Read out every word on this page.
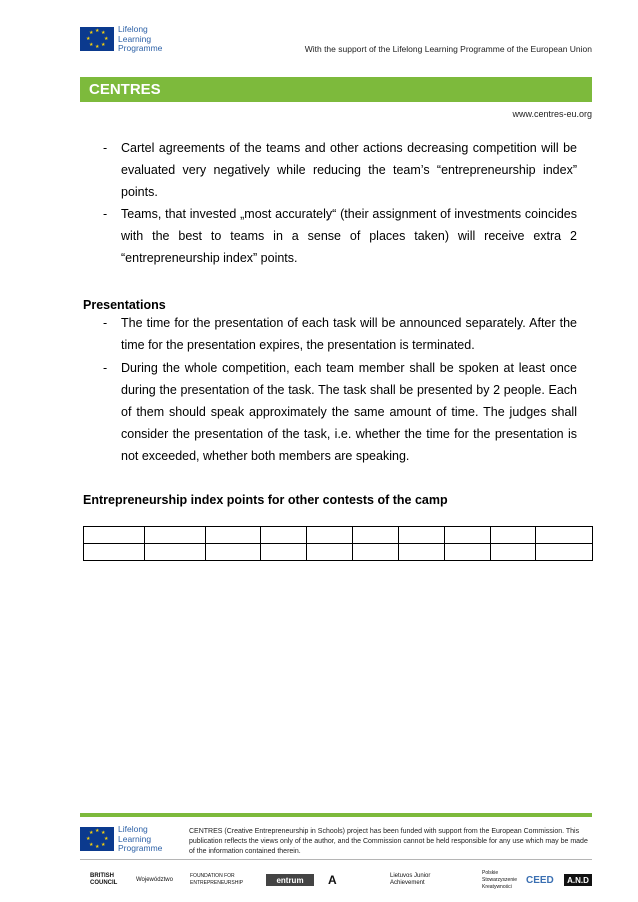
★ ★
★
★
★
★
★
★	Lifelong
Learning
Programme	With the support of the Lifelong Learning Programme of the European Union
CENTRES
www.centres-eu.org
- Cartel agreements of the teams and other actions decreasing competition will be evaluated very negatively while reducing the team’s “entrepreneurship index” points.
- Teams, that invested „most accurately“ (their assignment of investments coincides with the best to teams in a sense of places taken) will receive extra 2 “entrepreneurship index” points.
Presentations
- The time for the presentation of each task will be announced separately. After the time for the presentation expires, the presentation is terminated.
- During the whole competition, each team member shall be spoken at least once during the presentation of the task. The task shall be presented by 2 people. Each of them should speak approximately the same amount of time. The judges shall consider the presentation of the task, i.e. whether the time for the presentation is not exceeded, whether both members are speaking.
Entrepreneurship index points for other contests of the camp

★ ★
★
★
★
★
★
★	Lifelong
Learning
Programme
CENTRES (Creative Entrepreneurship in Schools) project has been funded with support from the European Commission. This publication reflects the views only of the author, and the Commission cannot be held responsible for any use which may be made of the information contained therein.
BRITISH COUNCIL
Województwo
FOUNDATION FOR ENTREPRENEURSHIP	entrum	A	Lietuvos Junior Achievement
Polskie Stowarzyszenie Kreatywności
CEED	A.N.D
